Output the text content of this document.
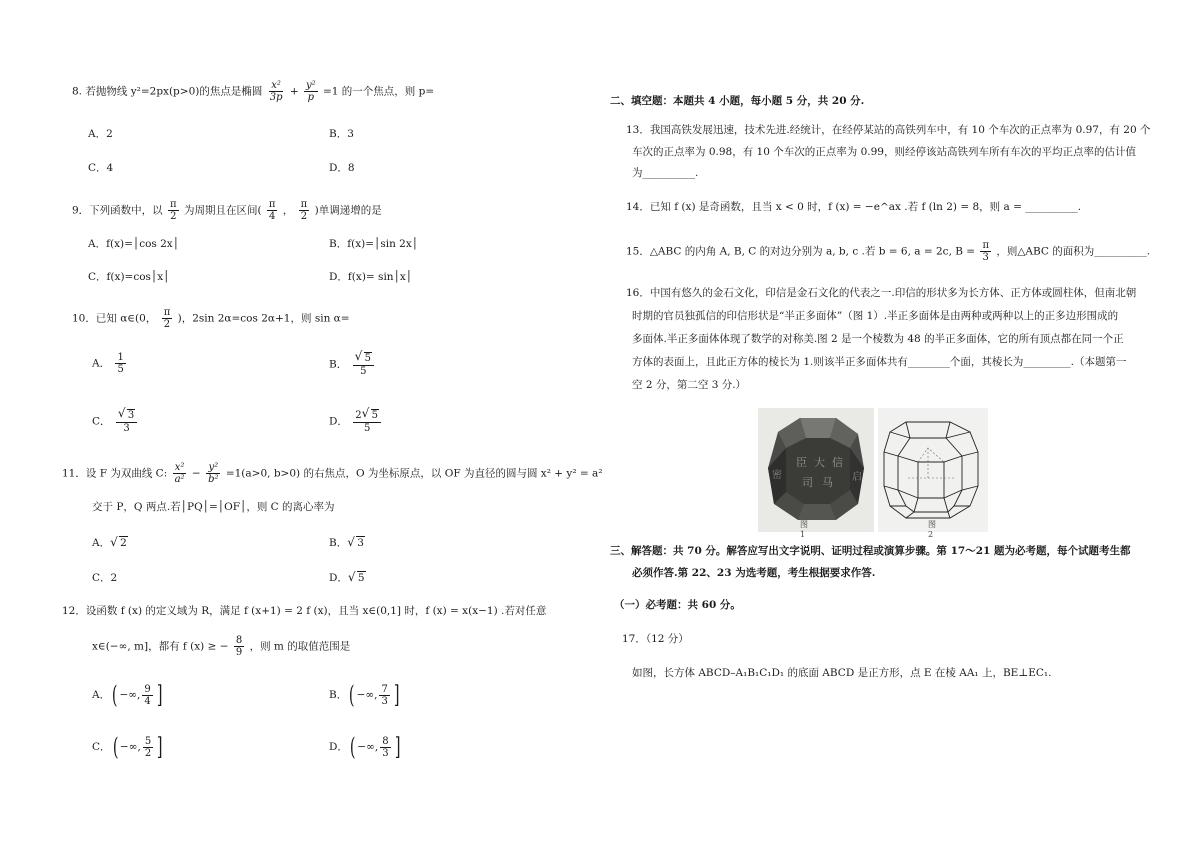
8. 若抛物线 y²=2px(p>0)的焦点是椭圆 $\frac{\text{x²}}{3p} + \frac{\text{y²}}{p} =1$ 的一个焦点，则 p=
A．2	B．3
C．4	D．8
9．下列函数中，以 $\frac{\pi}{2}$ 为周期且在区间( $\frac{\pi}{4}$ ， $\frac{\pi}{2}$ )单调递增的是
A．f(x)=│cos 2x│	B．f(x)=│sin 2x│
C．f(x)=cos│x│	D．f(x)= sin│x│
10．已知 α∈(0， $\frac{\pi}{2}$ )，2sin 2α=cos 2α+1，则 sin α=
A． $\frac{1}{5}$	B． √ $\frac{5}{5}$
C． √ $\frac{3}{3}$	D． $\frac{2 √ 5}{5}$
11．设 F 为双曲线 C: $\frac{\text{x²}}{\text{a²}} - \frac{\text{y²}}{\text{b²}} =1(a>0$, b>0) 的右焦点，O 为坐标原点，以 OF 为直径的圆与圆 x² + y² = a²
交于 P，Q 两点.若│PQ│=│OF│，则 C 的离心率为
A． √ 2	B． √ 3
C．2	D． √ 5
12．设函数 f (x) 的定义域为 R，满足 f (x+1) = 2 f (x)，且当 x∈(0,1] 时，f (x) = x(x−1) .若对任意
x∈(−∞, m]，都有 f (x) ≥ − $\frac{8}{9}$ ，则 m 的取值范围是
A．( −∞, $\frac{9}{4}$ ]	B．( −∞, $\frac{7}{3}$ ]
C．( −∞, $\frac{5}{2}$ ]	D．( −∞, $\frac{8}{3}$ ]
二、填空题：本题共 4 小题，每小题 5 分，共 20 分.
13．我国高铁发展迅速，技术先进.经统计，在经停某站的高铁列车中，有 10 个车次的正点率为 0.97，有 20 个
车次的正点率为 0.98，有 10 个车次的正点率为 0.99，则经停该站高铁列车所有车次的平均正点率的估计值
为__________.
14．已知 f (x) 是奇函数，且当 x < 0 时，f (x) = −e^ax .若 f (ln 2) = 8，则 a = __________.
15．△ABC 的内角 A, B, C 的对边分别为 a, b, c .若 b = 6, a = 2c, $B = \frac{\pi}{3}$ ，则△ABC 的面积为__________.
16．中国有悠久的金石文化，印信是金石文化的代表之一.印信的形状多为长方体、正方体或圆柱体，但南北朝
时期的官员独孤信的印信形状是“半正多面体”（图 1）.半正多面体是由两种或两种以上的正多边形围成的
多面体.半正多面体体现了数学的对称美.图 2 是一个棱数为 48 的半正多面体，它的所有顶点都在同一个正
方体的表面上，且此正方体的棱长为 1.则该半正多面体共有________个面，其棱长为_________.（本题第一
空 2 分，第二空 3 分.）
臣 大 信
司 马
密	启
图 1
图 2
三、解答题：共 70 分。解答应写出文字说明、证明过程或演算步骤。第 17～21 题为必考题，每个试题考生都
必须作答.第 22、23 为选考题，考生根据要求作答.
（一）必考题：共 60 分。
17．（12 分）
如图，长方体 ABCD–A₁B₁C₁D₁ 的底面 ABCD 是正方形，点 E 在棱 AA₁ 上，BE⊥EC₁.
